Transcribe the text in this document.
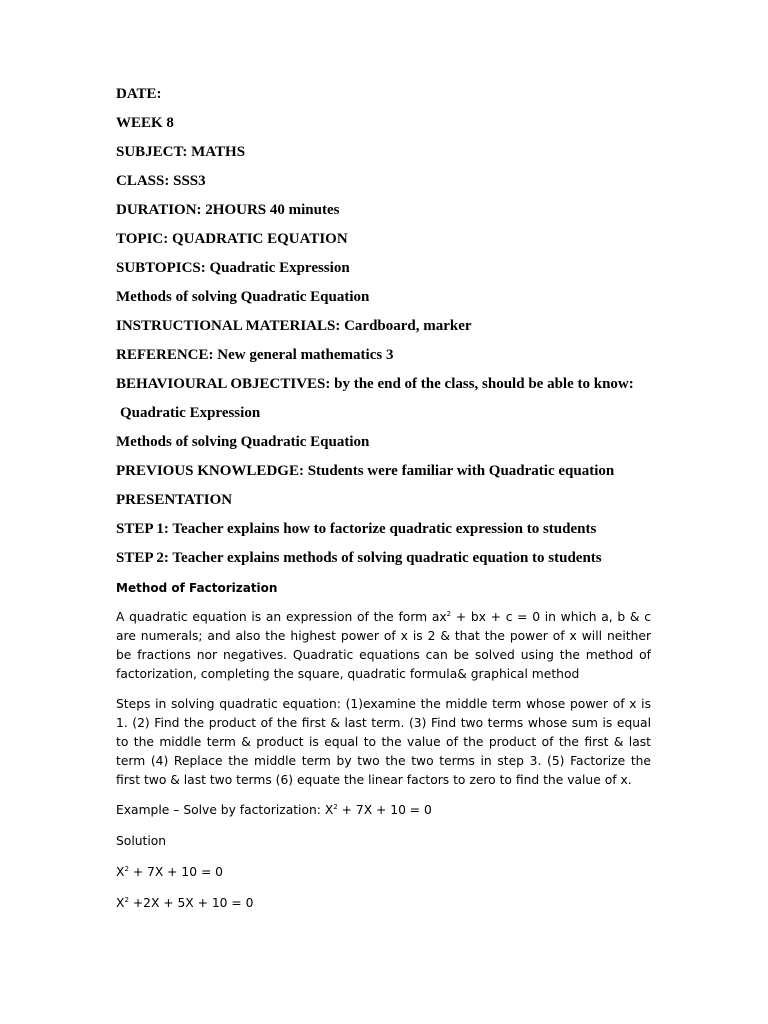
DATE:

WEEK 8

SUBJECT: MATHS

CLASS: SSS3

DURATION: 2HOURS 40 minutes

TOPIC: QUADRATIC EQUATION

SUBTOPICS: Quadratic Expression

Methods of solving Quadratic Equation

INSTRUCTIONAL MATERIALS: Cardboard, marker

REFERENCE: New general mathematics 3

BEHAVIOURAL OBJECTIVES: by the end of the class, should be able to know:

Quadratic Expression

Methods of solving Quadratic Equation

PREVIOUS KNOWLEDGE: Students were familiar with Quadratic equation

PRESENTATION

STEP 1: Teacher explains how to factorize quadratic expression to students

STEP 2: Teacher explains methods of solving quadratic equation to students

Method of Factorization

A quadratic equation is an expression of the form $ax^2$ + bx + c = 0 in which a, b & c are numerals; and also the highest power of x is 2 & that the power of x will neither be fractions nor negatives. Quadratic equations can be solved using the method of factorization, completing the square, quadratic formula& graphical method

Steps in solving quadratic equation: (1)examine the middle term whose power of x is 1. (2) Find the product of the first & last term. (3) Find two terms whose sum is equal to the middle term & product is equal to the value of the product of the first & last term (4) Replace the middle term by two the two terms in step 3. (5) Factorize the first two & last two terms (6) equate the linear factors to zero to find the value of x.

Example – Solve by factorization: $X^2 + 7X + 10 = 0$

Solution

$X^2 + 7X + 10 = 0$

$X^2 +2X + 5X + 10 = 0$
